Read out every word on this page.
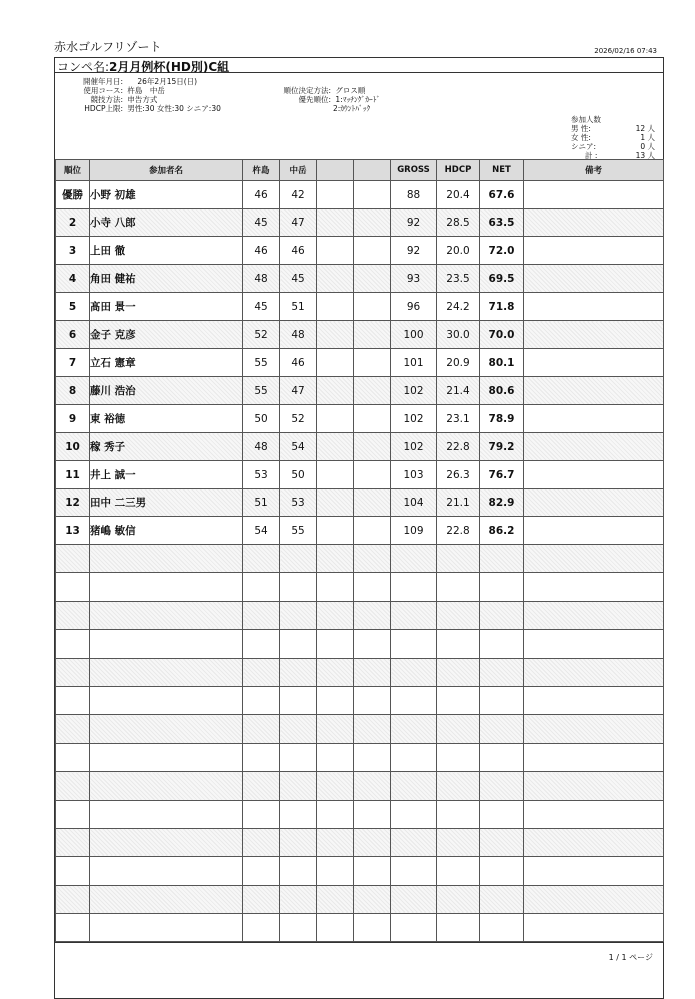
赤水ゴルフリゾート	2026/02/16 07:43
コンペ名: 2月月例杯(HD別)C組
開催年月日: 26年2月15日(日)
使用コース: 杵島　中岳
競技方法: 申告方式
HDCP上限: 男性:30 女性:30 シニア:30
順位決定方法: グロス順
優先順位: 1:ﾏｯﾁﾝｸﾞｶｰﾄﾞ
2:ｶｳﾝﾄﾊﾞｯｸ
参加人数
男 性:	12 人
女 性:	1 人
シニア:	0 人
計 :	13 人
順位	参加者名	杵島	中岳			GROSS	HDCP	NET	備考
優勝	小野 初雄	46	42			88	20.4	67.6	
2	小寺 八郎	45	47			92	28.5	63.5	
3	上田 徹	46	46			92	20.0	72.0	
4	角田 健祐	48	45			93	23.5	69.5	
5	髙田 景一	45	51			96	24.2	71.8	
6	金子 克彦	52	48			100	30.0	70.0	
7	立石 憲章	55	46			101	20.9	80.1	
8	藤川 浩治	55	47			102	21.4	80.6	
9	東 裕徳	50	52			102	23.1	78.9	
10	稼 秀子	48	54			102	22.8	79.2	
11	井上 誠一	53	50			103	26.3	76.7	
12	田中 二三男	51	53			104	21.1	82.9	
13	猪嶋 敏信	54	55			109	22.8	86.2	

1 / 1 ページ
